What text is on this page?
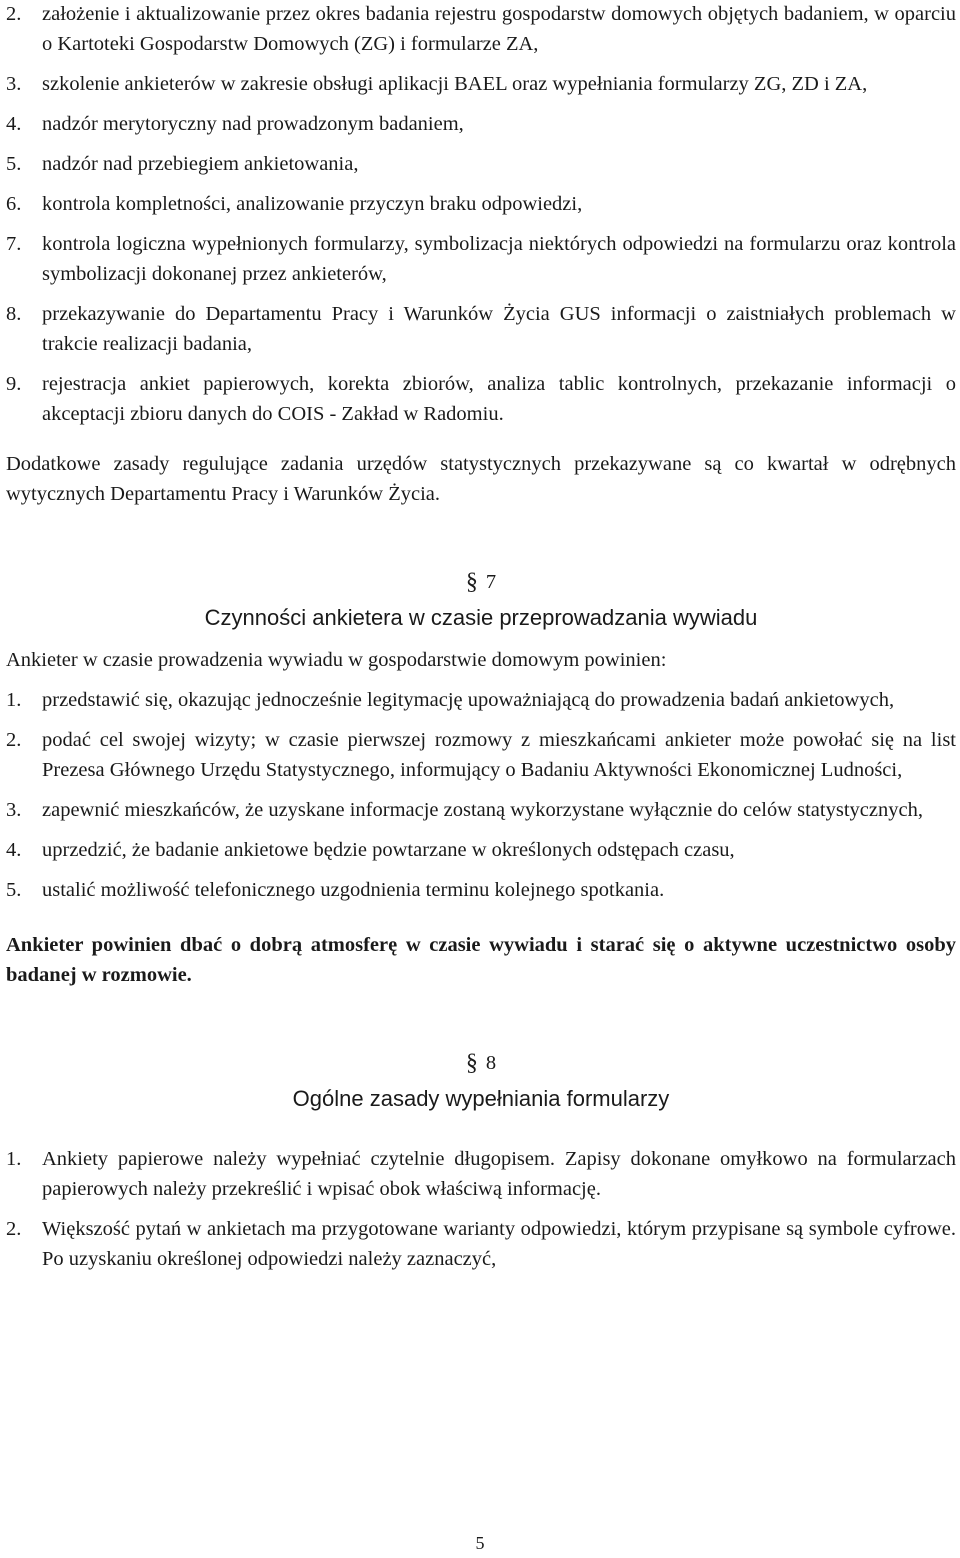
2. założenie i aktualizowanie przez okres badania rejestru gospodarstw domowych objętych badaniem, w oparciu o Kartoteki Gospodarstw Domowych (ZG) i formularze ZA,
3. szkolenie ankieterów w zakresie obsługi aplikacji BAEL oraz wypełniania formularzy ZG, ZD i ZA,
4. nadzór merytoryczny nad prowadzonym badaniem,
5. nadzór nad przebiegiem ankietowania,
6. kontrola kompletności, analizowanie przyczyn braku odpowiedzi,
7. kontrola logiczna wypełnionych formularzy, symbolizacja niektórych odpowiedzi na formularzu oraz kontrola symbolizacji dokonanej przez ankieterów,
8. przekazywanie do Departamentu Pracy i Warunków Życia GUS informacji o zaistniałych problemach w trakcie realizacji badania,
9. rejestracja ankiet papierowych, korekta zbiorów, analiza tablic kontrolnych, przekazanie informacji o akceptacji zbioru danych do COIS - Zakład w Radomiu.

Dodatkowe zasady regulujące zadania urzędów statystycznych przekazywane są co kwartał w odrębnych wytycznych Departamentu Pracy i Warunków Życia.

§ 7
Czynności ankietera w czasie przeprowadzania wywiadu

Ankieter w czasie prowadzenia wywiadu w gospodarstwie domowym powinien:

1. przedstawić się, okazując jednocześnie legitymację upoważniającą do prowadzenia badań ankietowych,
2. podać cel swojej wizyty; w czasie pierwszej rozmowy z mieszkańcami ankieter może powołać się na list Prezesa Głównego Urzędu Statystycznego, informujący o Badaniu Aktywności Ekonomicznej Ludności,
3. zapewnić mieszkańców, że uzyskane informacje zostaną wykorzystane wyłącznie do celów statystycznych,
4. uprzedzić, że badanie ankietowe będzie powtarzane w określonych odstępach czasu,
5. ustalić możliwość telefonicznego uzgodnienia terminu kolejnego spotkania.

Ankieter powinien dbać o dobrą atmosferę w czasie wywiadu i starać się o aktywne uczestnictwo osoby badanej w rozmowie.

§ 8
Ogólne zasady wypełniania formularzy
1. Ankiety papierowe należy wypełniać czytelnie długopisem. Zapisy dokonane omyłkowo na formularzach papierowych należy przekreślić i wpisać obok właściwą informację.
2. Większość pytań w ankietach ma przygotowane warianty odpowiedzi, którym przypisane są symbole cyfrowe. Po uzyskaniu określonej odpowiedzi należy zaznaczyć,
5
